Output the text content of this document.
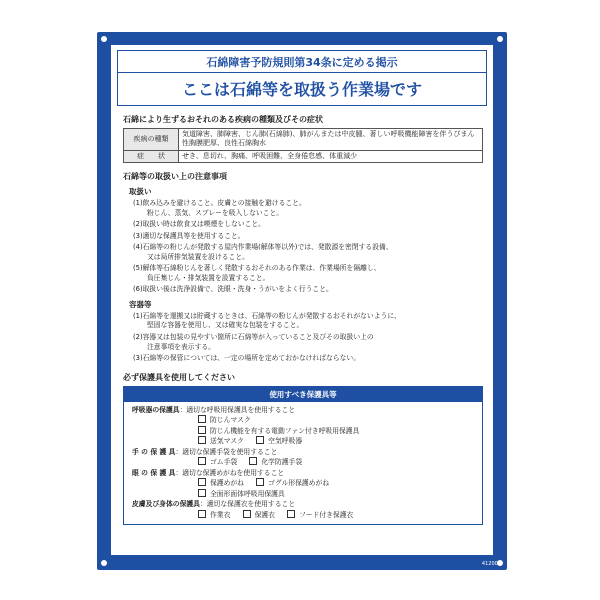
石綿障害予防規則第34条に定める掲示
ここは石綿等を取扱う作業場です
石綿により生ずるおそれのある疾病の種類及びその症状
疾病の種類	気道障害、肺障害、じん肺(石綿肺)、肺がんまたは中皮腫、著しい呼吸機能障害を伴うびまん性胸膜肥厚、良性石綿胸水
症　　状	せき、息切れ、胸痛、呼吸困難、全身倦怠感、体重減少
石綿等の取扱い上の注意事項
取扱い
(1)飲み込みを避けること。皮膚との接触を避けること。
粉じん、蒸気、スプレーを吸入しないこと。
(2)取扱い時は飲食又は喫煙をしないこと。
(3)適切な保護具等を使用すること。
(4)石綿等の粉じんが発散する屋内作業場(解体等以外)では、発散源を密閉する設備、
又は局所排気装置を設けること。
(5)解体等石綿粉じんを著しく発散するおそれのある作業は、作業場所を隔離し、
負圧集じん・排気装置を設置すること。
(6)取扱い後は洗浄設備で、洗眼・洗身・うがいをよく行うこと。
容器等
(1)石綿等を運搬又は貯蔵するときは、石綿等の粉じんが発散するおそれがないように、
堅固な容器を使用し、又は確実な包装をすること。
(2)容器又は包装の見やすい箇所に石綿等が入っていること及びその取扱い上の
注意事項を表示する。
(3)石綿等の保管については、一定の場所を定めておかなければならない。
必ず保護具を使用してください
使用すべき保護具等
呼吸器の保護具：適切な呼吸用保護具を使用すること
防じんマスク
防じん機能を有する電動ファン付き呼吸用保護具
送気マスク	空気呼吸器
手 の 保 護 具：適切な保護手袋を使用すること
ゴム手袋	化学防護手袋
眼 の 保 護 具：適切な保護めがねを使用すること
保護めがね	ゴグル形保護めがね
全面形面体呼吸用保護具
皮膚及び身体の保護具：適切な保護衣を使用すること
作業衣	保護衣	フード付き保護衣
412006
